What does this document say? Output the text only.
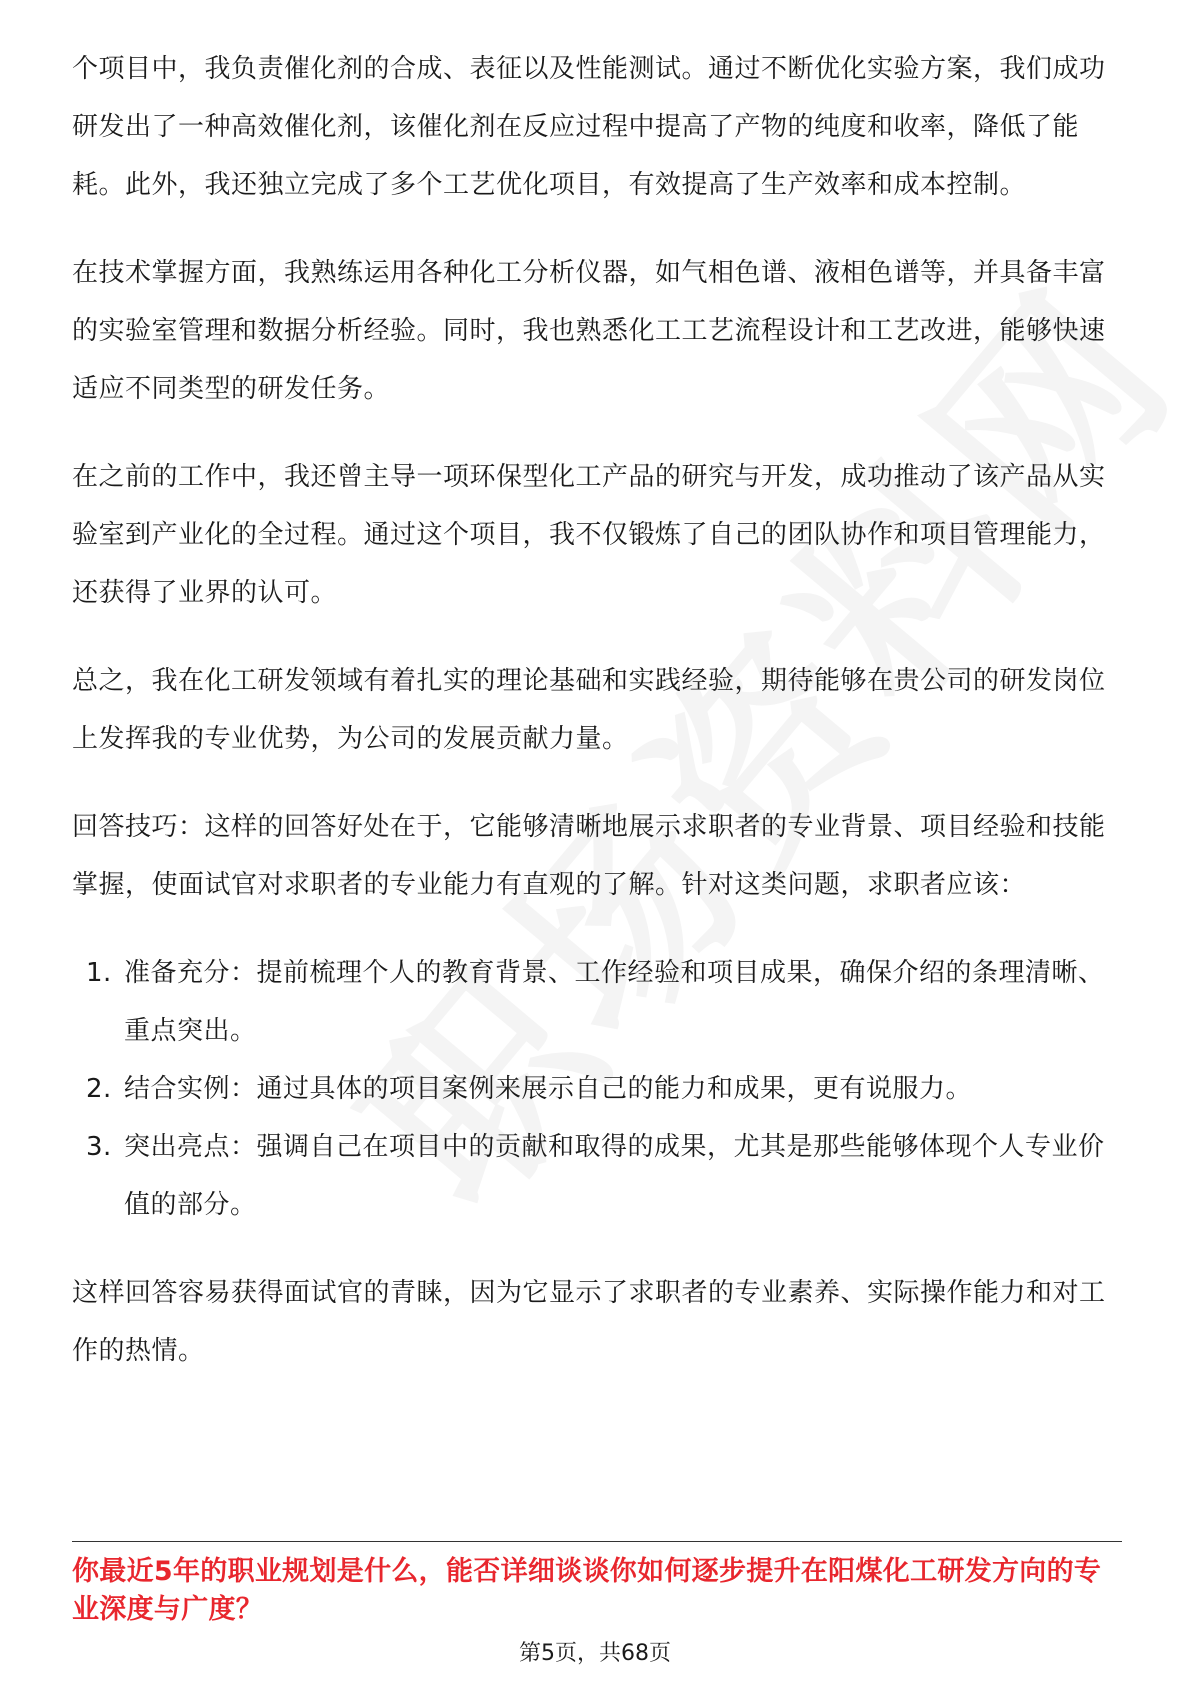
个项目中，我负责催化剂的合成、表征以及性能测试。通过不断优化实验方案，我们成功研发出了一种高效催化剂，该催化剂在反应过程中提高了产物的纯度和收率，降低了能耗。此外，我还独立完成了多个工艺优化项目，有效提高了生产效率和成本控制。

在技术掌握方面，我熟练运用各种化工分析仪器，如气相色谱、液相色谱等，并具备丰富的实验室管理和数据分析经验。同时，我也熟悉化工工艺流程设计和工艺改进，能够快速适应不同类型的研发任务。

在之前的工作中，我还曾主导一项环保型化工产品的研究与开发，成功推动了该产品从实验室到产业化的全过程。通过这个项目，我不仅锻炼了自己的团队协作和项目管理能力，还获得了业界的认可。

总之，我在化工研发领域有着扎实的理论基础和实践经验，期待能够在贵公司的研发岗位上发挥我的专业优势，为公司的发展贡献力量。

回答技巧：这样的回答好处在于，它能够清晰地展示求职者的专业背景、项目经验和技能掌握，使面试官对求职者的专业能力有直观的了解。针对这类问题，求职者应该：

1. 准备充分：提前梳理个人的教育背景、工作经验和项目成果，确保介绍的条理清晰、重点突出。
2. 结合实例：通过具体的项目案例来展示自己的能力和成果，更有说服力。
3. 突出亮点：强调自己在项目中的贡献和取得的成果，尤其是那些能够体现个人专业价值的部分。

这样回答容易获得面试官的青睐，因为它显示了求职者的专业素养、实际操作能力和对工作的热情。

你最近5年的职业规划是什么，能否详细谈谈你如何逐步提升在阳煤化工研发方向的专业深度与广度？
第5页，共68页
